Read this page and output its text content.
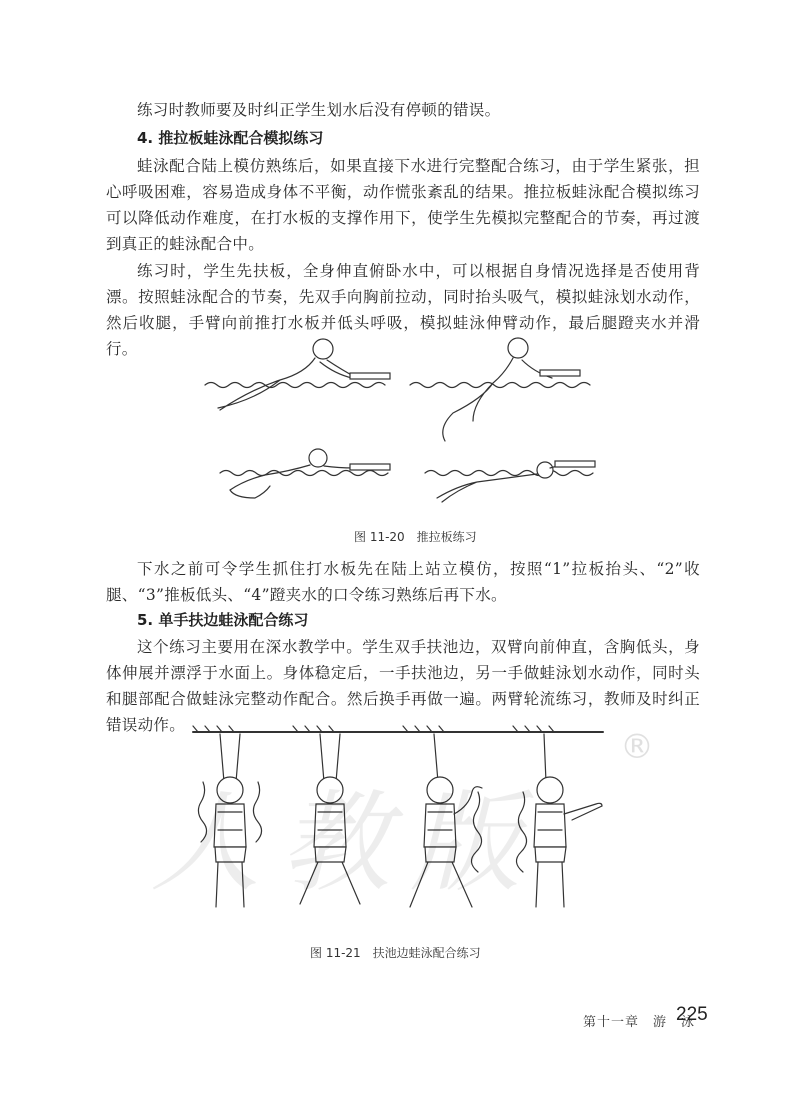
练习时教师要及时纠正学生划水后没有停顿的错误。

4. 推拉板蛙泳配合模拟练习

蛙泳配合陆上模仿熟练后，如果直接下水进行完整配合练习，由于学生紧张，担心呼吸困难，容易造成身体不平衡，动作慌张紊乱的结果。推拉板蛙泳配合模拟练习可以降低动作难度，在打水板的支撑作用下，使学生先模拟完整配合的节奏，再过渡到真正的蛙泳配合中。

练习时，学生先扶板，全身伸直俯卧水中，可以根据自身情况选择是否使用背漂。按照蛙泳配合的节奏，先双手向胸前拉动，同时抬头吸气，模拟蛙泳划水动作，然后收腿，手臂向前推打水板并低头呼吸，模拟蛙泳伸臂动作，最后腿蹬夹水并滑行。

图 11-20　推拉板练习

下水之前可令学生抓住打水板先在陆上站立模仿，按照“1”拉板抬头、“2”收腿、“3”推板低头、“4”蹬夹水的口令练习熟练后再下水。

5. 单手扶边蛙泳配合练习

这个练习主要用在深水教学中。学生双手扶池边，双臂向前伸直，含胸低头，身体伸展并漂浮于水面上。身体稳定后，一手扶池边，另一手做蛙泳划水动作，同时头和腿部配合做蛙泳完整动作配合。然后换手再做一遍。两臂轮流练习，教师及时纠正错误动作。

人教版
®
图 11-21　扶池边蛙泳配合练习
第十一章　游　泳
225
